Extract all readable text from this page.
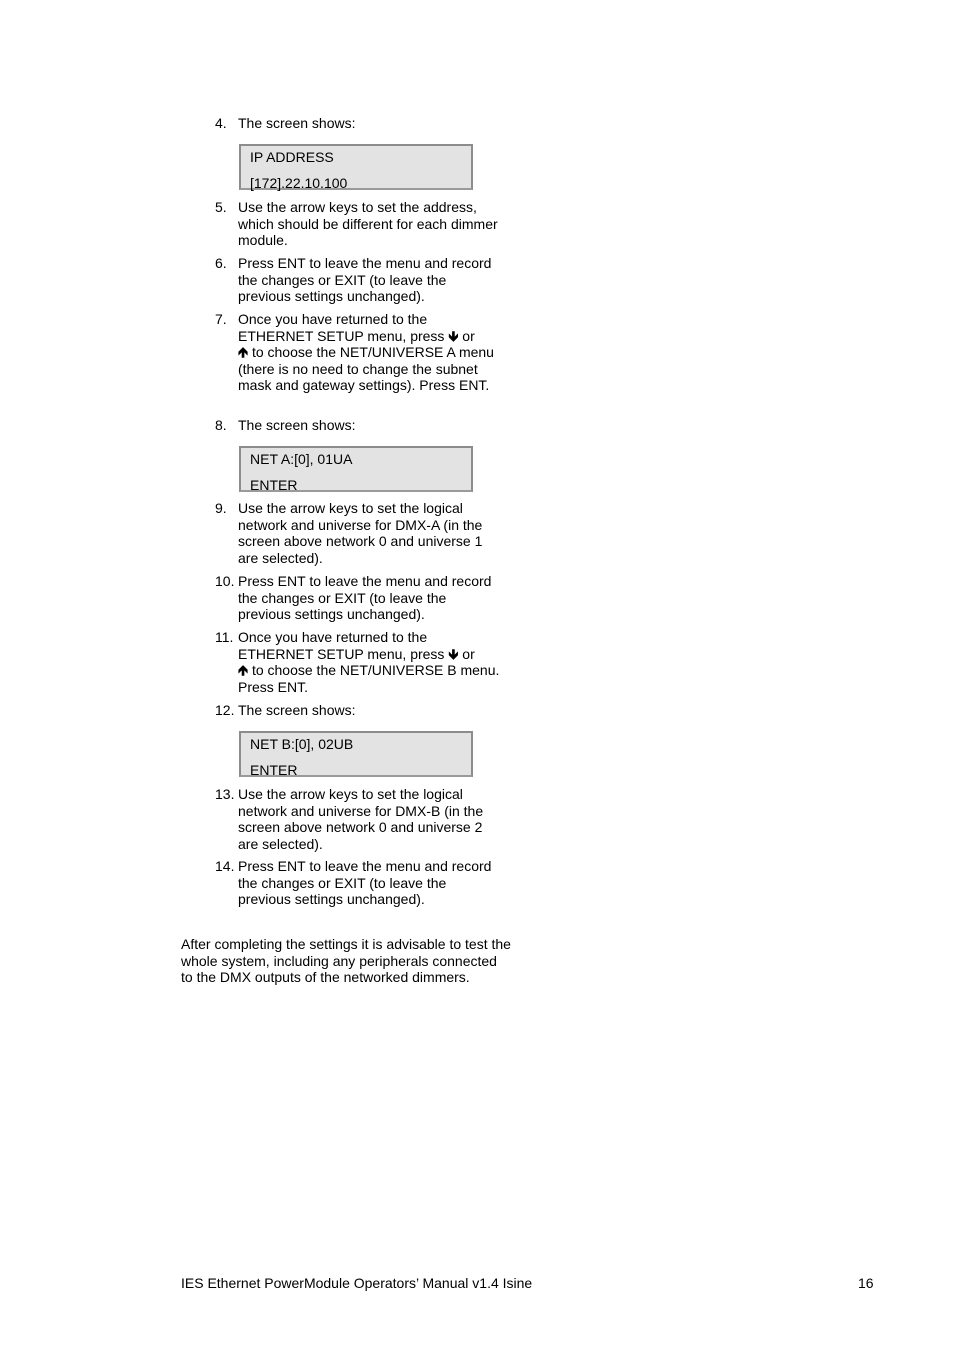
4. The screen shows:
IP ADDRESS
[172].22.10.100
5. Use the arrow keys to set the address, which should be different for each dimmer module.
6. Press ENT to leave the menu and record the changes or EXIT (to leave the previous settings unchanged).
7. Once you have returned to the ETHERNET SETUP menu, press 🡻 or
🡹 to choose the NET/UNIVERSE A menu (there is no need to change the subnet mask and gateway settings). Press ENT.
8. The screen shows:
NET A:[0], 01UA
ENTER
9. Use the arrow keys to set the logical network and universe for DMX-A (in the screen above network 0 and universe 1 are selected).
10. Press ENT to leave the menu and record the changes or EXIT (to leave the previous settings unchanged).
11. Once you have returned to the ETHERNET SETUP menu, press 🡻 or
🡹 to choose the NET/UNIVERSE B menu. Press ENT.
12. The screen shows:
NET B:[0], 02UB
ENTER
13. Use the arrow keys to set the logical network and universe for DMX-B (in the screen above network 0 and universe 2 are selected).
14. Press ENT to leave the menu and record the changes or EXIT (to leave the previous settings unchanged).
After completing the settings it is advisable to test the whole system, including any peripherals connected to the DMX outputs of the networked dimmers.
IES Ethernet PowerModule Operators’ Manual v1.4 Isine	16
